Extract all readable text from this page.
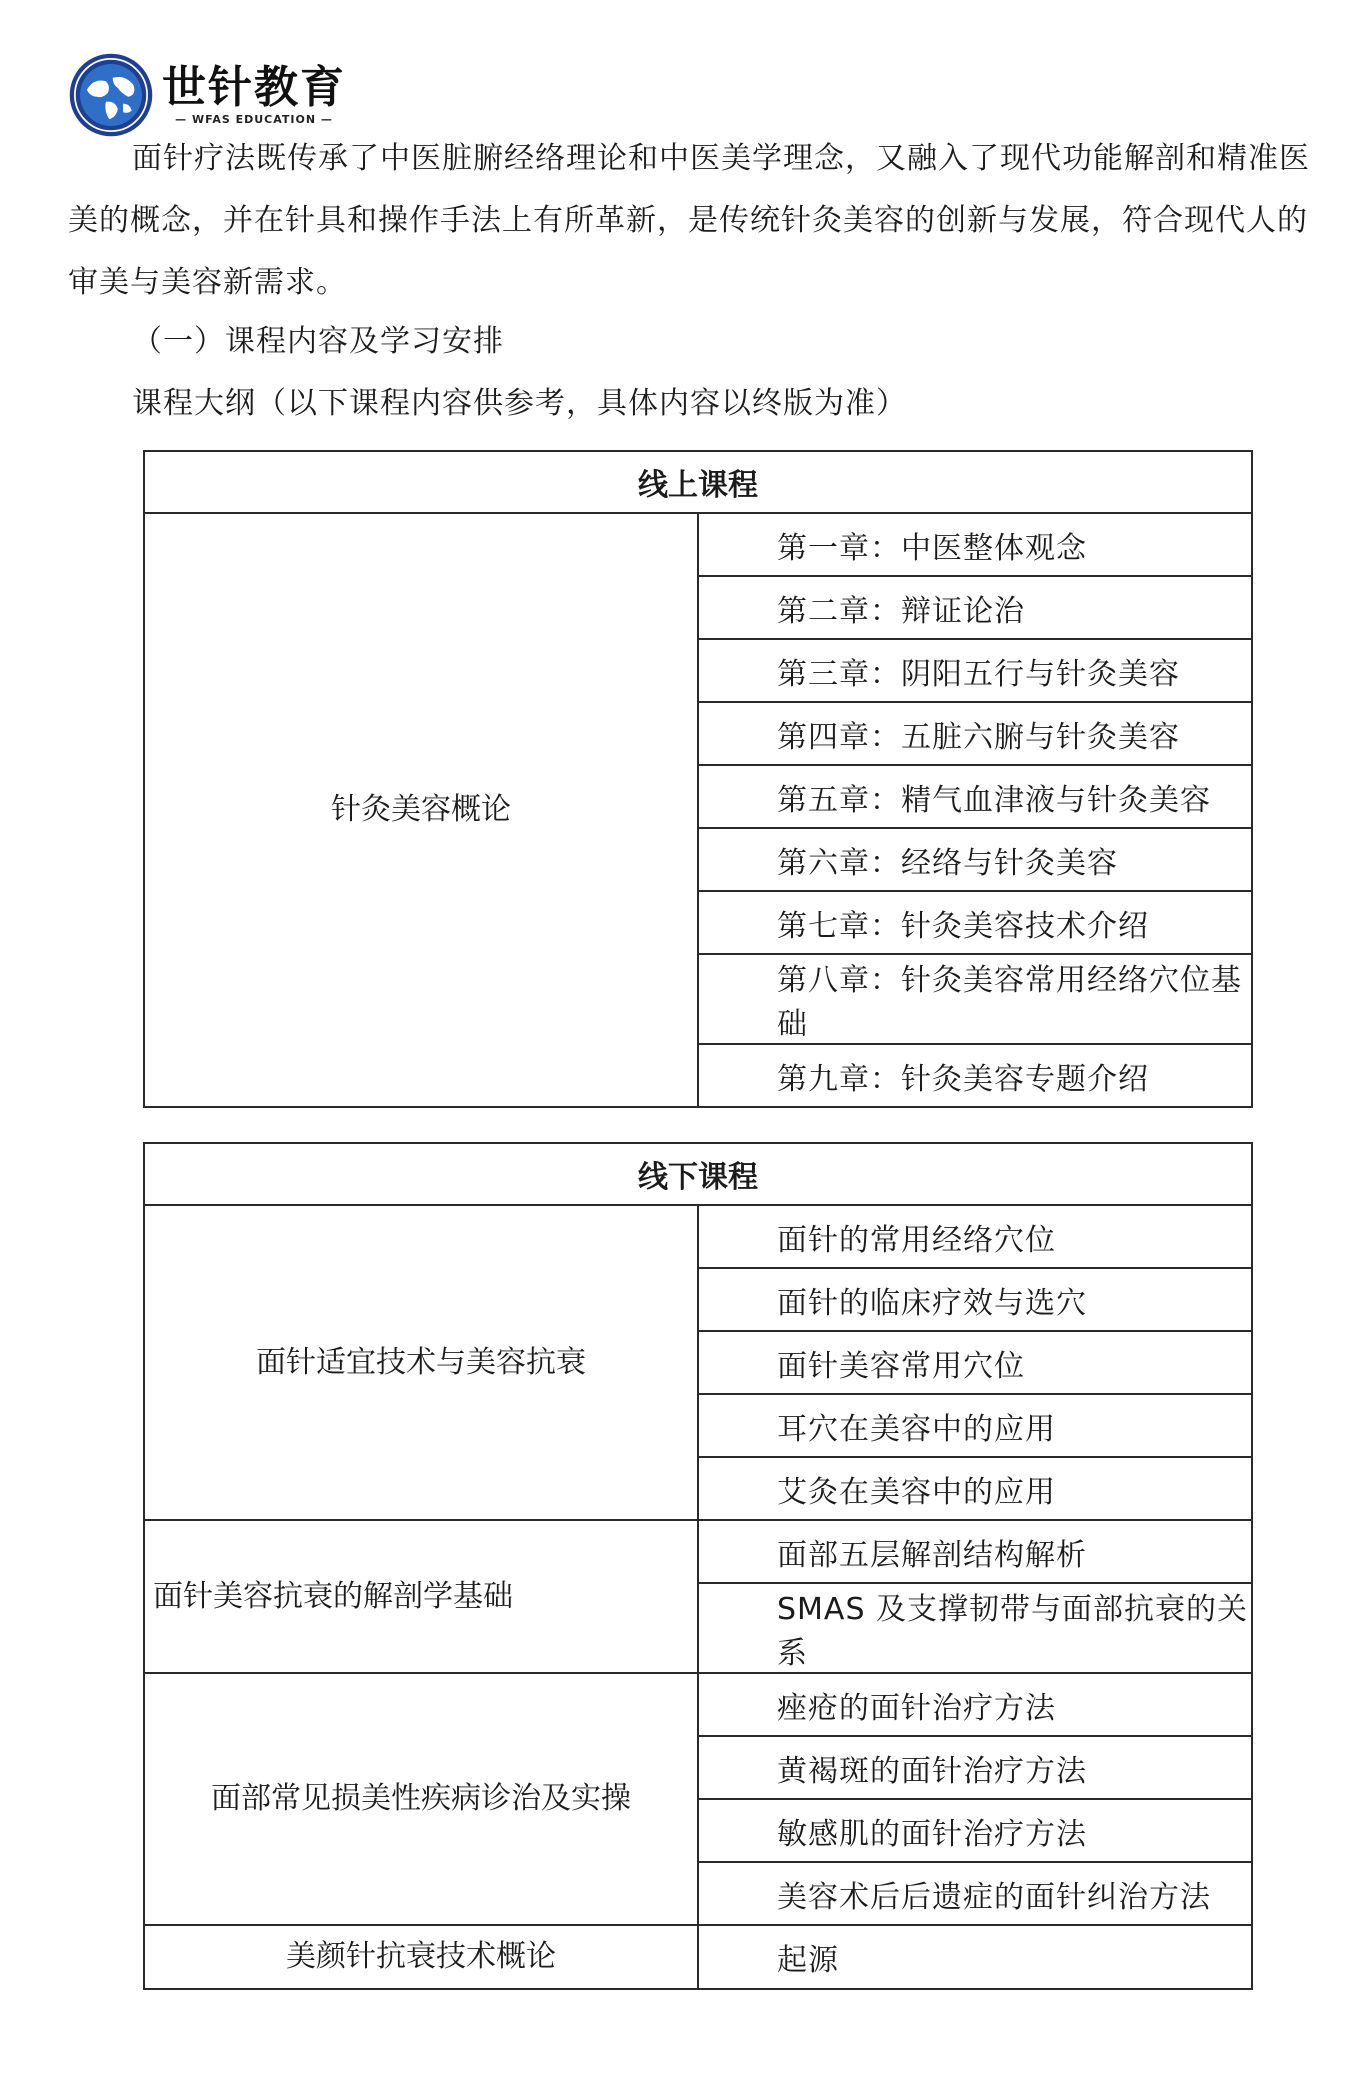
世针教育
— WFAS EDUCATION —
面针疗法既传承了中医脏腑经络理论和中医美学理念，又融入了现代功能解剖和精准医美的概念，并在针具和操作手法上有所革新，是传统针灸美容的创新与发展，符合现代人的审美与美容新需求。
（一）课程内容及学习安排
课程大纲（以下课程内容供参考，具体内容以终版为准）
线上课程
针灸美容概论	第一章：中医整体观念
第二章：辩证论治
第三章：阴阳五行与针灸美容
第四章：五脏六腑与针灸美容
第五章：精气血津液与针灸美容
第六章：经络与针灸美容
第七章：针灸美容技术介绍
第八章：针灸美容常用经络穴位基础
第九章：针灸美容专题介绍
线下课程	
面针适宜技术与美容抗衰	面针的常用经络穴位
	面针的临床疗效与选穴
	面针美容常用穴位
	耳穴在美容中的应用
	艾灸在美容中的应用
面针美容抗衰的解剖学基础	面部五层解剖结构解析
	SMAS 及支撑韧带与面部抗衰的关系
面部常见损美性疾病诊治及实操	痤疮的面针治疗方法
	黄褐斑的面针治疗方法
	敏感肌的面针治疗方法
	美容术后后遗症的面针纠治方法
美颜针抗衰技术概论	起源
